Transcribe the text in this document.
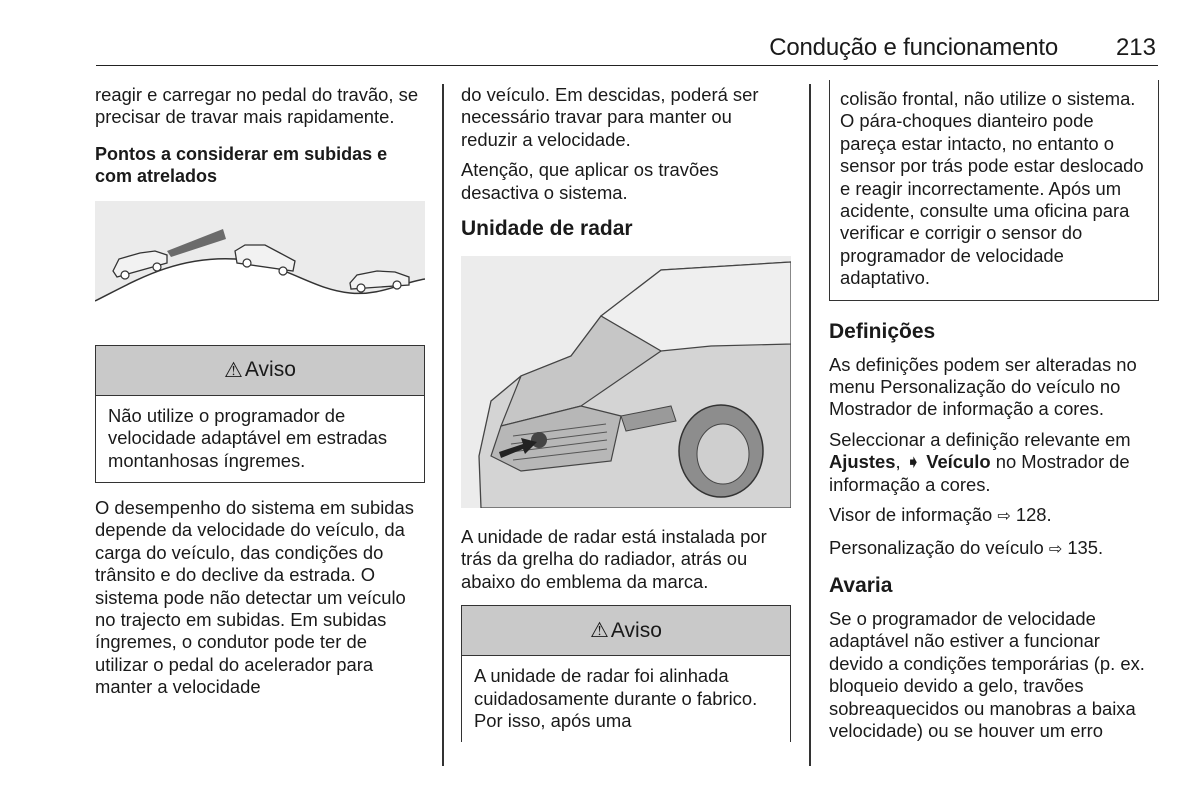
Condução e funcionamento 213

reagir e carregar no pedal do travão, se precisar de travar mais rapidamente.

Pontos a considerar em subidas e com atrelados
⚠ Aviso
Não utilize o programador de velocidade adaptável em estradas montanhosas íngremes.

O desempenho do sistema em subidas depende da velocidade do veículo, da carga do veículo, das condições do trânsito e do declive da estrada. O sistema pode não detectar um veículo no trajecto em subidas. Em subidas íngremes, o condutor pode ter de utilizar o pedal do acelerador para manter a velocidade

do veículo. Em descidas, poderá ser necessário travar para manter ou reduzir a velocidade.

Atenção, que aplicar os travões desactiva o sistema.

Unidade de radar

A unidade de radar está instalada por trás da grelha do radiador, atrás ou abaixo do emblema da marca.

⚠ Aviso
A unidade de radar foi alinhada cuidadosamente durante o fabrico. Por isso, após uma
colisão frontal, não utilize o sistema. O pára-choques dianteiro pode pareça estar intacto, no entanto o sensor por trás pode estar deslocado e reagir incorrectamente. Após um acidente, consulte uma oficina para verificar e corrigir o sensor do programador de velocidade adaptativo.
Definições

As definições podem ser alteradas no menu Personalização do veículo no Mostrador de informação a cores.

Seleccionar a definição relevante em Ajustes, ➧ Veículo no Mostrador de informação a cores.

Visor de informação ⇨ 128.

Personalização do veículo ⇨ 135.

Avaria

Se o programador de velocidade adaptável não estiver a funcionar devido a condições temporárias (p. ex. bloqueio devido a gelo, travões sobreaquecidos ou manobras a baixa velocidade) ou se houver um erro
